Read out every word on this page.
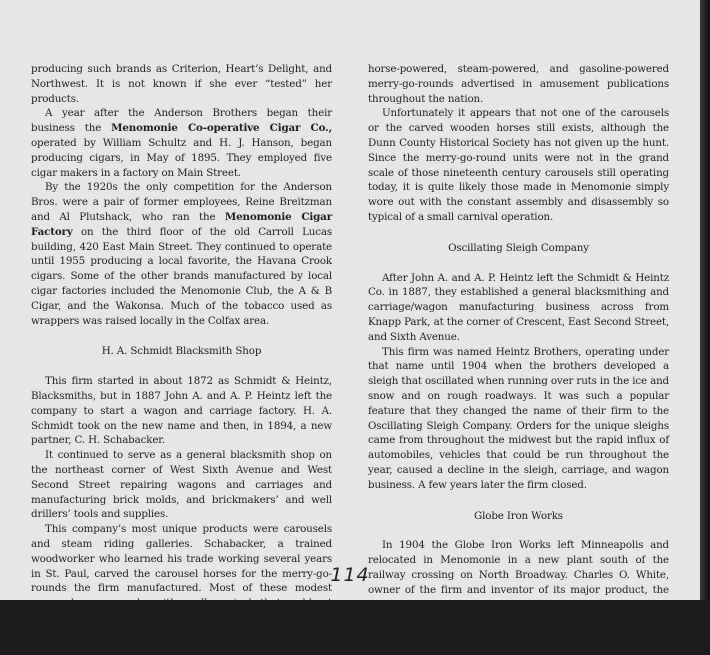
producing such brands as Criterion, Heart’s Delight, and Northwest. It is not known if she ever “tested” her products.

A year after the Anderson Brothers began their business the Menomonie Co-operative Cigar Co., operated by William Schultz and H. J. Hanson, began producing cigars, in May of 1895. They employed five cigar makers in a factory on Main Street.

By the 1920s the only competition for the Anderson Bros. were a pair of former employees, Reine Breitzman and Al Plutshack, who ran the Menomonie Cigar Factory on the third floor of the old Carroll Lucas building, 420 East Main Street. They continued to operate until 1955 producing a local favorite, the Havana Crook cigars. Some of the other brands manufactured by local cigar factories included the Menomonie Club, the A & B Cigar, and the Wakonsa. Much of the tobacco used as wrappers was raised locally in the Colfax area.

H. A. Schmidt Blacksmith Shop

This firm started in about 1872 as Schmidt & Heintz, Blacksmiths, but in 1887 John A. and A. P. Heintz left the company to start a wagon and carriage factory. H. A. Schmidt took on the new name and then, in 1894, a new partner, C. H. Schabacker.

It continued to serve as a general blacksmith shop on the northeast corner of West Sixth Avenue and West Second Street repairing wagons and carriages and manufacturing brick molds, and brickmakers’ and well drillers’ tools and supplies.

This company’s most unique products were carousels and steam riding galleries. Schabacker, a trained woodworker who learned his trade working several years in St. Paul, carved the carousel horses for the merry-go-rounds the firm manufactured. Most of these modest carousels were popular with small carnivals that could not afford the the grand ones manufactured by such companies as the Philadelphia Toboggan Company. Schmidt’s firm was a major supplier for the

horse-powered, steam-powered, and gasoline-powered merry-go-rounds advertised in amusement publications throughout the nation.

Unfortunately it appears that not one of the carousels or the carved wooden horses still exists, although the Dunn County Historical Society has not given up the hunt. Since the merry-go-round units were not in the grand scale of those nineteenth century carousels still operating today, it is quite likely those made in Menomonie simply wore out with the constant assembly and disassembly so typical of a small carnival operation.

Oscillating Sleigh Company

After John A. and A. P. Heintz left the Schmidt & Heintz Co. in 1887, they established a general blacksmithing and carriage/wagon manufacturing business across from Knapp Park, at the corner of Crescent, East Second Street, and Sixth Avenue.

This firm was named Heintz Brothers, operating under that name until 1904 when the brothers developed a sleigh that oscillated when running over ruts in the ice and snow and on rough roadways. It was such a popular feature that they changed the name of their firm to the Oscillating Sleigh Company. Orders for the unique sleighs came from throughout the midwest but the rapid influx of automobiles, vehicles that could be run throughout the year, caused a decline in the sleigh, carriage, and wagon business. A few years later the firm closed.

Globe Iron Works

In 1904 the Globe Iron Works left Minneapolis and relocated in Menomonie in a new plant south of the railway crossing on North Broadway. Charles O. White, owner of the firm and inventor of its major product, the White engine, very likely moved to Menomonie

114
